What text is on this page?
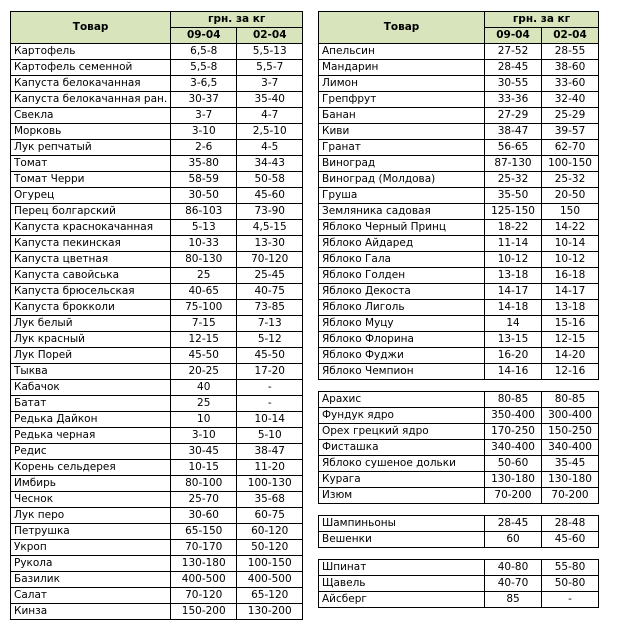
Товар	грн. за кг	
	09-04	02-04
Картофель	6,5-8	5,5-13
Картофель семенной	5,5-8	5,5-7
Капуста белокачанная	3-6,5	3-7
Капуста белокачанная ран.	30-37	35-40
Свекла	3-7	4-7
Морковь	3-10	2,5-10
Лук репчатый	2-6	4-5
Томат	35-80	34-43
Томат Черри	58-59	50-58
Огурец	30-50	45-60
Перец болгарский	86-103	73-90
Капуста краснокачанная	5-13	4,5-15
Капуста пекинская	10-33	13-30
Капуста цветная	80-130	70-120
Капуста савойська	25	25-45
Капуста брюсельская	40-65	40-75
Капуста брокколи	75-100	73-85
Лук белый	7-15	7-13
Лук красный	12-15	5-12
Лук Порей	45-50	45-50
Тыква	20-25	17-20
Кабачок	40	-
Батат	25	-
Редька Дайкон	10	10-14
Редька черная	3-10	5-10
Редис	30-45	38-47
Корень сельдерея	10-15	11-20
Имбирь	80-100	100-130
Чеснок	25-70	35-68
Лук перо	30-60	60-75
Петрушка	65-150	60-120
Укроп	70-170	50-120
Рукола	130-180	100-150
Базилик	400-500	400-500
Салат	70-120	65-120
Кинза	150-200	130-200
Товар	грн. за кг	
	09-04	02-04
Апельсин	27-52	28-55
Мандарин	28-45	38-60
Лимон	30-55	33-60
Грепфрут	33-36	32-40
Банан	27-29	25-29
Киви	38-47	39-57
Гранат	56-65	62-70
Виноград	87-130	100-150
Виноград (Молдова)	25-32	25-32
Груша	35-50	20-50
Земляника садовая	125-150	150
Яблоко Черный Принц	18-22	14-22
Яблоко Айдаред	11-14	10-14
Яблоко Гала	10-12	10-12
Яблоко Голден	13-18	16-18
Яблоко Декоста	14-17	14-17
Яблоко Лиголь	14-18	13-18
Яблоко Муцу	14	15-16
Яблоко Флорина	13-15	12-15
Яблоко Фуджи	16-20	14-20
Яблоко Чемпион	14-16	12-16

Арахис	80-85	80-85
Фундук ядро	350-400	300-400
Орех грецкий ядро	170-250	150-250
Фисташка	340-400	340-400
Яблоко сушеное дольки	50-60	35-45
Курага	130-180	130-180
Изюм	70-200	70-200

Шампиньоны	28-45	28-48
Вешенки	60	45-60

Шпинат	40-80	55-80
Щавель	40-70	50-80
Айсберг	85	-
